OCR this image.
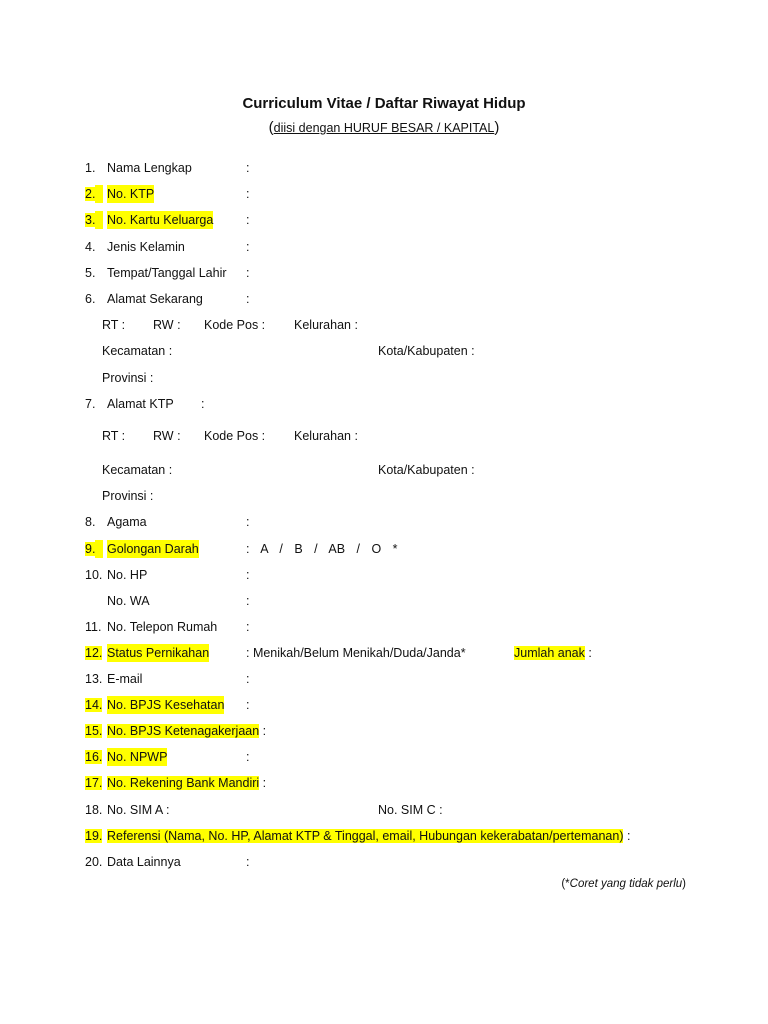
Curriculum Vitae / Daftar Riwayat Hidup
(diisi dengan HURUF BESAR / KAPITAL)
1. Nama Lengkap	:
2. No. KTP	:
3. No. Kartu Keluarga	:
4. Jenis Kelamin	:
5. Tempat/Tanggal Lahir :
6. Alamat Sekarang	:
RT : RW : Kode Pos : Kelurahan :
Kecamatan :	Kota/Kabupaten :
Provinsi :
7. Alamat KTP :
RT : RW : Kode Pos : Kelurahan :
Kecamatan :	Kota/Kabupaten :
Provinsi :
8. Agama	:
9. Golongan Darah	: A / B / AB / O *
10. No. HP	:
No. WA	:
11. No. Telepon Rumah :
12. Status Pernikahan	: Menikah/Belum Menikah/Duda/Janda*	Jumlah anak :
13. E-mail	:
14. No. BPJS Kesehatan :
15. No. BPJS Ketenagakerjaan :
16. No. NPWP	:
17. No. Rekening Bank Mandiri :
18. No. SIM A :	No. SIM C :
19. Referensi (Nama, No. HP, Alamat KTP & Tinggal, email, Hubungan kekerabatan/pertemanan) :
20. Data Lainnya	:
(*Coret yang tidak perlu)
